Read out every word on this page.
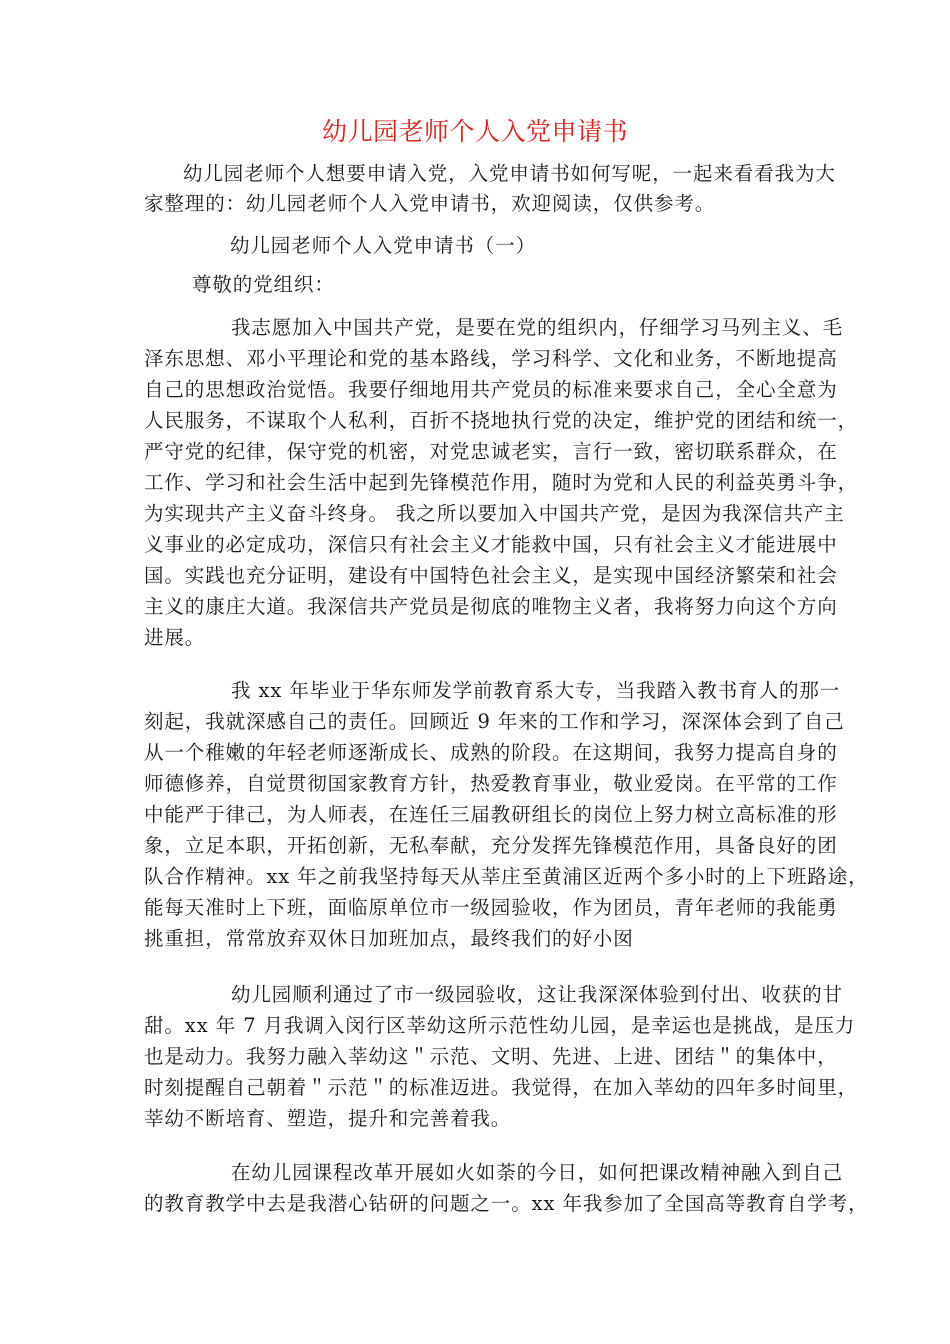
幼儿园老师个人入党申请书
幼儿园老师个人想要申请入党，入党申请书如何写呢，一起来看看我为大
家整理的：幼儿园老师个人入党申请书，欢迎阅读，仅供参考。
幼儿园老师个人入党申请书（一）
尊敬的党组织：
我志愿加入中国共产党，是要在党的组织内，仔细学习马列主义、毛
泽东思想、邓小平理论和党的基本路线，学习科学、文化和业务，不断地提高
自己的思想政治觉悟。我要仔细地用共产党员的标准来要求自己，全心全意为
人民服务，不谋取个人私利，百折不挠地执行党的决定，维护党的团结和统一，
严守党的纪律，保守党的机密，对党忠诚老实，言行一致，密切联系群众，在
工作、学习和社会生活中起到先锋模范作用，随时为党和人民的利益英勇斗争，
为实现共产主义奋斗终身。 我之所以要加入中国共产党，是因为我深信共产主
义事业的必定成功，深信只有社会主义才能救中国，只有社会主义才能进展中
国。实践也充分证明，建设有中国特色社会主义，是实现中国经济繁荣和社会
主义的康庄大道。我深信共产党员是彻底的唯物主义者，我将努力向这个方向
进展。
我 xx 年毕业于华东师发学前教育系大专，当我踏入教书育人的那一
刻起，我就深感自己的责任。回顾近 9 年来的工作和学习，深深体会到了自己
从一个稚嫩的年轻老师逐渐成长、成熟的阶段。在这期间，我努力提高自身的
师德修养，自觉贯彻国家教育方针，热爱教育事业，敬业爱岗。在平常的工作
中能严于律己，为人师表，在连任三届教研组长的岗位上努力树立高标准的形
象，立足本职，开拓创新，无私奉献，充分发挥先锋模范作用，具备良好的团
队合作精神。xx 年之前我坚持每天从莘庄至黄浦区近两个多小时的上下班路途，
能每天准时上下班，面临原单位市一级园验收，作为团员，青年老师的我能勇
挑重担，常常放弃双休日加班加点，最终我们的好小囡
幼儿园顺利通过了市一级园验收，这让我深深体验到付出、收获的甘
甜。xx 年 7 月我调入闵行区莘幼这所示范性幼儿园，是幸运也是挑战，是压力
也是动力。我努力融入莘幼这＂示范、文明、先进、上进、团结＂的集体中，
时刻提醒自己朝着＂示范＂的标准迈进。我觉得，在加入莘幼的四年多时间里，
莘幼不断培育、塑造，提升和完善着我。
在幼儿园课程改革开展如火如荼的今日，如何把课改精神融入到自己
的教育教学中去是我潜心钻研的问题之一。xx 年我参加了全国高等教育自学考，
